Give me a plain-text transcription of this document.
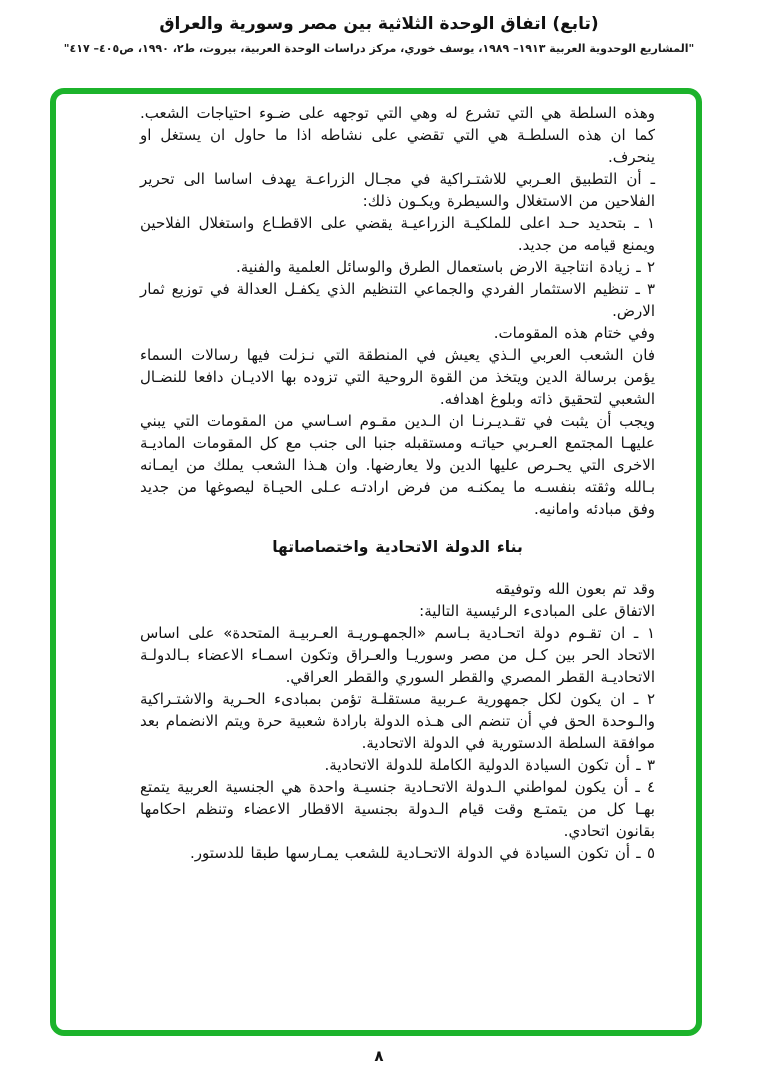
(تابع) اتفاق الوحدة الثلاثية بين مصر وسورية والعراق
"المشاريع الوحدوية العربية ١٩١٣– ١٩٨٩، يوسف خوري، مركز دراسات الوحدة العربية، بيروت، ط٢، ١٩٩٠، ص٤٠٥– ٤١٧"

وهذه السلطة هي التي تشرع له وهي التي توجهه على ضـوء احتياجات الشعب. كما ان هذه السلطـة هي التي تقضي على نشاطه اذا ما حاول ان يستغل او ينحرف.

ـ أن التطبيق العـربي للاشتـراكية في مجـال الزراعـة يهدف اساسا الى تحرير الفلاحين من الاستغلال والسيطرة ويكـون ذلك:

١ ـ بتحديد حـد اعلى للملكيـة الزراعيـة يقضي على الاقطـاع واستغلال الفلاحين ويمنع قيامه من جديد.

٢ ـ زيادة انتاجية الارض باستعمال الطرق والوسائل العلمية والفنية.

٣ ـ تنظيم الاستثمار الفردي والجماعي التنظيم الذي يكفـل العدالة في توزيع ثمار الارض.

وفي ختام هذه المقومات.

فان الشعب العربي الـذي يعيش في المنطقة التي نـزلت فيها رسالات السماء يؤمن برسالة الدين ويتخذ من القوة الروحية التي تزوده بها الاديـان دافعا للنضـال الشعبي لتحقيق ذاته وبلوغ اهدافه.

ويجب أن يثبت في تقـديـرنـا ان الـدين مقـوم اسـاسي من المقومات التي يبني عليهـا المجتمع العـربي حياتـه ومستقبله جنبا الى جنب مع كل المقومات الماديـة الاخرى التي يحـرص عليها الدين ولا يعارضها. وان هـذا الشعب يملك من ايمـانه بـالله وثقته بنفسـه ما يمكنـه من فرض ارادتـه عـلى الحيـاة ليصوغها من جديد وفق مبادئه وامانيه.

بناء الدولة الاتحادية واختصاصاتها

وقد تم بعون الله وتوفيقه

الاتفاق على المبادىء الرئيسية التالية:

١ ـ ان تقـوم دولة اتحـادية بـاسم «الجمهـوريـة العـربيـة المتحدة» على اساس الاتحاد الحر بين كـل من مصر وسوريـا والعـراق وتكون اسمـاء الاعضاء بـالدولـة الاتحاديـة القطر المصري والقطر السوري والقطر العراقي.

٢ ـ ان يكون لكل جمهورية عـربية مستقلـة تؤمن بمبادىء الحـرية والاشتـراكية والـوحدة الحق في أن تنضم الى هـذه الدولة بارادة شعبية حرة ويتم الانضمام بعد موافقة السلطة الدستورية في الدولة الاتحادية.

٣ ـ أن تكون السيادة الدولية الكاملة للدولة الاتحادية.

٤ ـ أن يكون لمواطني الـدولة الاتحـادية جنسيـة واحدة هي الجنسية العربية يتمتع بهـا كل من يتمتـع وقت قيام الـدولة بجنسية الاقطار الاعضاء وتنظم احكامها بقانون اتحادي.

٥ ـ أن تكون السيادة في الدولة الاتحـادية للشعب يمـارسها طبقا للدستور.

٨
